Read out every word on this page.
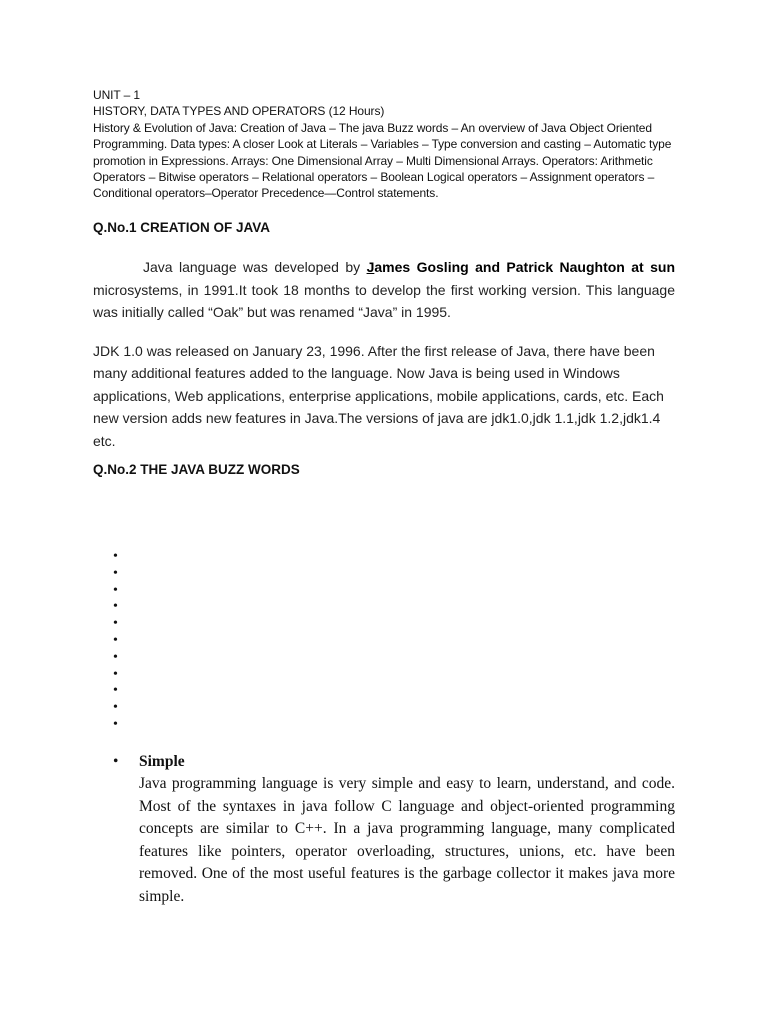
UNIT – 1
HISTORY, DATA TYPES AND OPERATORS (12 Hours)
History & Evolution of Java: Creation of Java – The java Buzz words – An overview of Java Object Oriented Programming. Data types: A closer Look at Literals – Variables – Type conversion and casting – Automatic type promotion in Expressions. Arrays: One Dimensional Array – Multi Dimensional Arrays. Operators: Arithmetic Operators – Bitwise operators – Relational operators – Boolean Logical operators – Assignment operators – Conditional operators–Operator Precedence—Control statements.
Q.No.1 CREATION OF JAVA
Java language was developed by James Gosling and Patrick Naughton at sun microsystems, in 1991.It took 18 months to develop the first working version. This language was initially called “Oak” but was renamed “Java” in 1995.
JDK 1.0 was released on January 23, 1996. After the first release of Java, there have been many additional features added to the language. Now Java is being used in Windows applications, Web applications, enterprise applications, mobile applications, cards, etc. Each new version adds new features in Java.The versions of java are jdk1.0,jdk 1.1,jdk 1.2,jdk1.4 etc.
Q.No.2 THE JAVA BUZZ WORDS
•
•
•
•
•
•
•
•
•
•
•
• Simple
Java programming language is very simple and easy to learn, understand, and code. Most of the syntaxes in java follow C language and object-oriented programming concepts are similar to C++. In a java programming language, many complicated features like pointers, operator overloading, structures, unions, etc. have been removed. One of the most useful features is the garbage collector it makes java more simple.
